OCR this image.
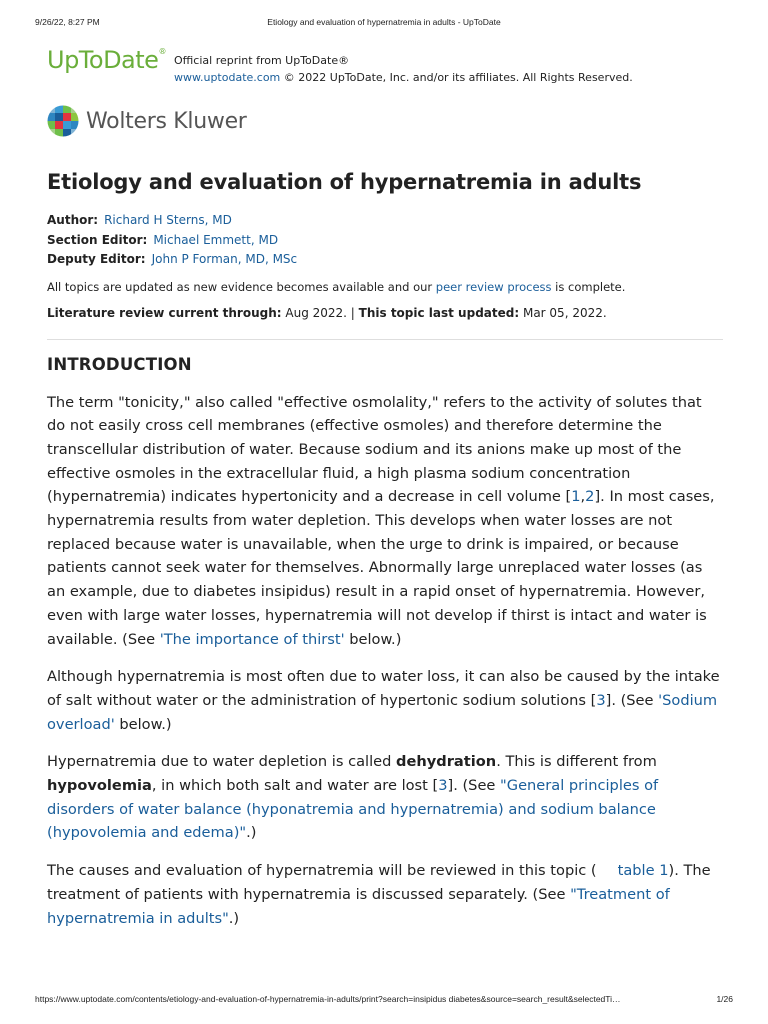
9/26/22, 8:27 PM	Etiology and evaluation of hypernatremia in adults - UpToDate
UpToDate®
Official reprint from UpToDate®
www.uptodate.com © 2022 UpToDate, Inc. and/or its affiliates. All Rights Reserved.
Wolters Kluwer
Etiology and evaluation of hypernatremia in adults
Author: Richard H Sterns, MD
Section Editor: Michael Emmett, MD
Deputy Editor: John P Forman, MD, MSc
All topics are updated as new evidence becomes available and our peer review process is complete.
Literature review current through: Aug 2022. | This topic last updated: Mar 05, 2022.
INTRODUCTION

The term "tonicity," also called "effective osmolality," refers to the activity of solutes that do not easily cross cell membranes (effective osmoles) and therefore determine the transcellular distribution of water. Because sodium and its anions make up most of the effective osmoles in the extracellular fluid, a high plasma sodium concentration (hypernatremia) indicates hypertonicity and a decrease in cell volume [1,2]. In most cases, hypernatremia results from water depletion. This develops when water losses are not replaced because water is unavailable, when the urge to drink is impaired, or because patients cannot seek water for themselves. Abnormally large unreplaced water losses (as an example, due to diabetes insipidus) result in a rapid onset of hypernatremia. However, even with large water losses, hypernatremia will not develop if thirst is intact and water is available. (See 'The importance of thirst' below.)

Although hypernatremia is most often due to water loss, it can also be caused by the intake of salt without water or the administration of hypertonic sodium solutions [3]. (See 'Sodium overload' below.)

Hypernatremia due to water depletion is called dehydration. This is different from hypovolemia, in which both salt and water are lost [3]. (See "General principles of disorders of water balance (hyponatremia and hypernatremia) and sodium balance (hypovolemia and edema)".)

The causes and evaluation of hypernatremia will be reviewed in this topic ( table 1). The treatment of patients with hypernatremia is discussed separately. (See "Treatment of hypernatremia in adults".)

https://www.uptodate.com/contents/etiology-and-evaluation-of-hypernatremia-in-adults/print?search=insipidus diabetes&source=search_result&selectedTi…	1/26
